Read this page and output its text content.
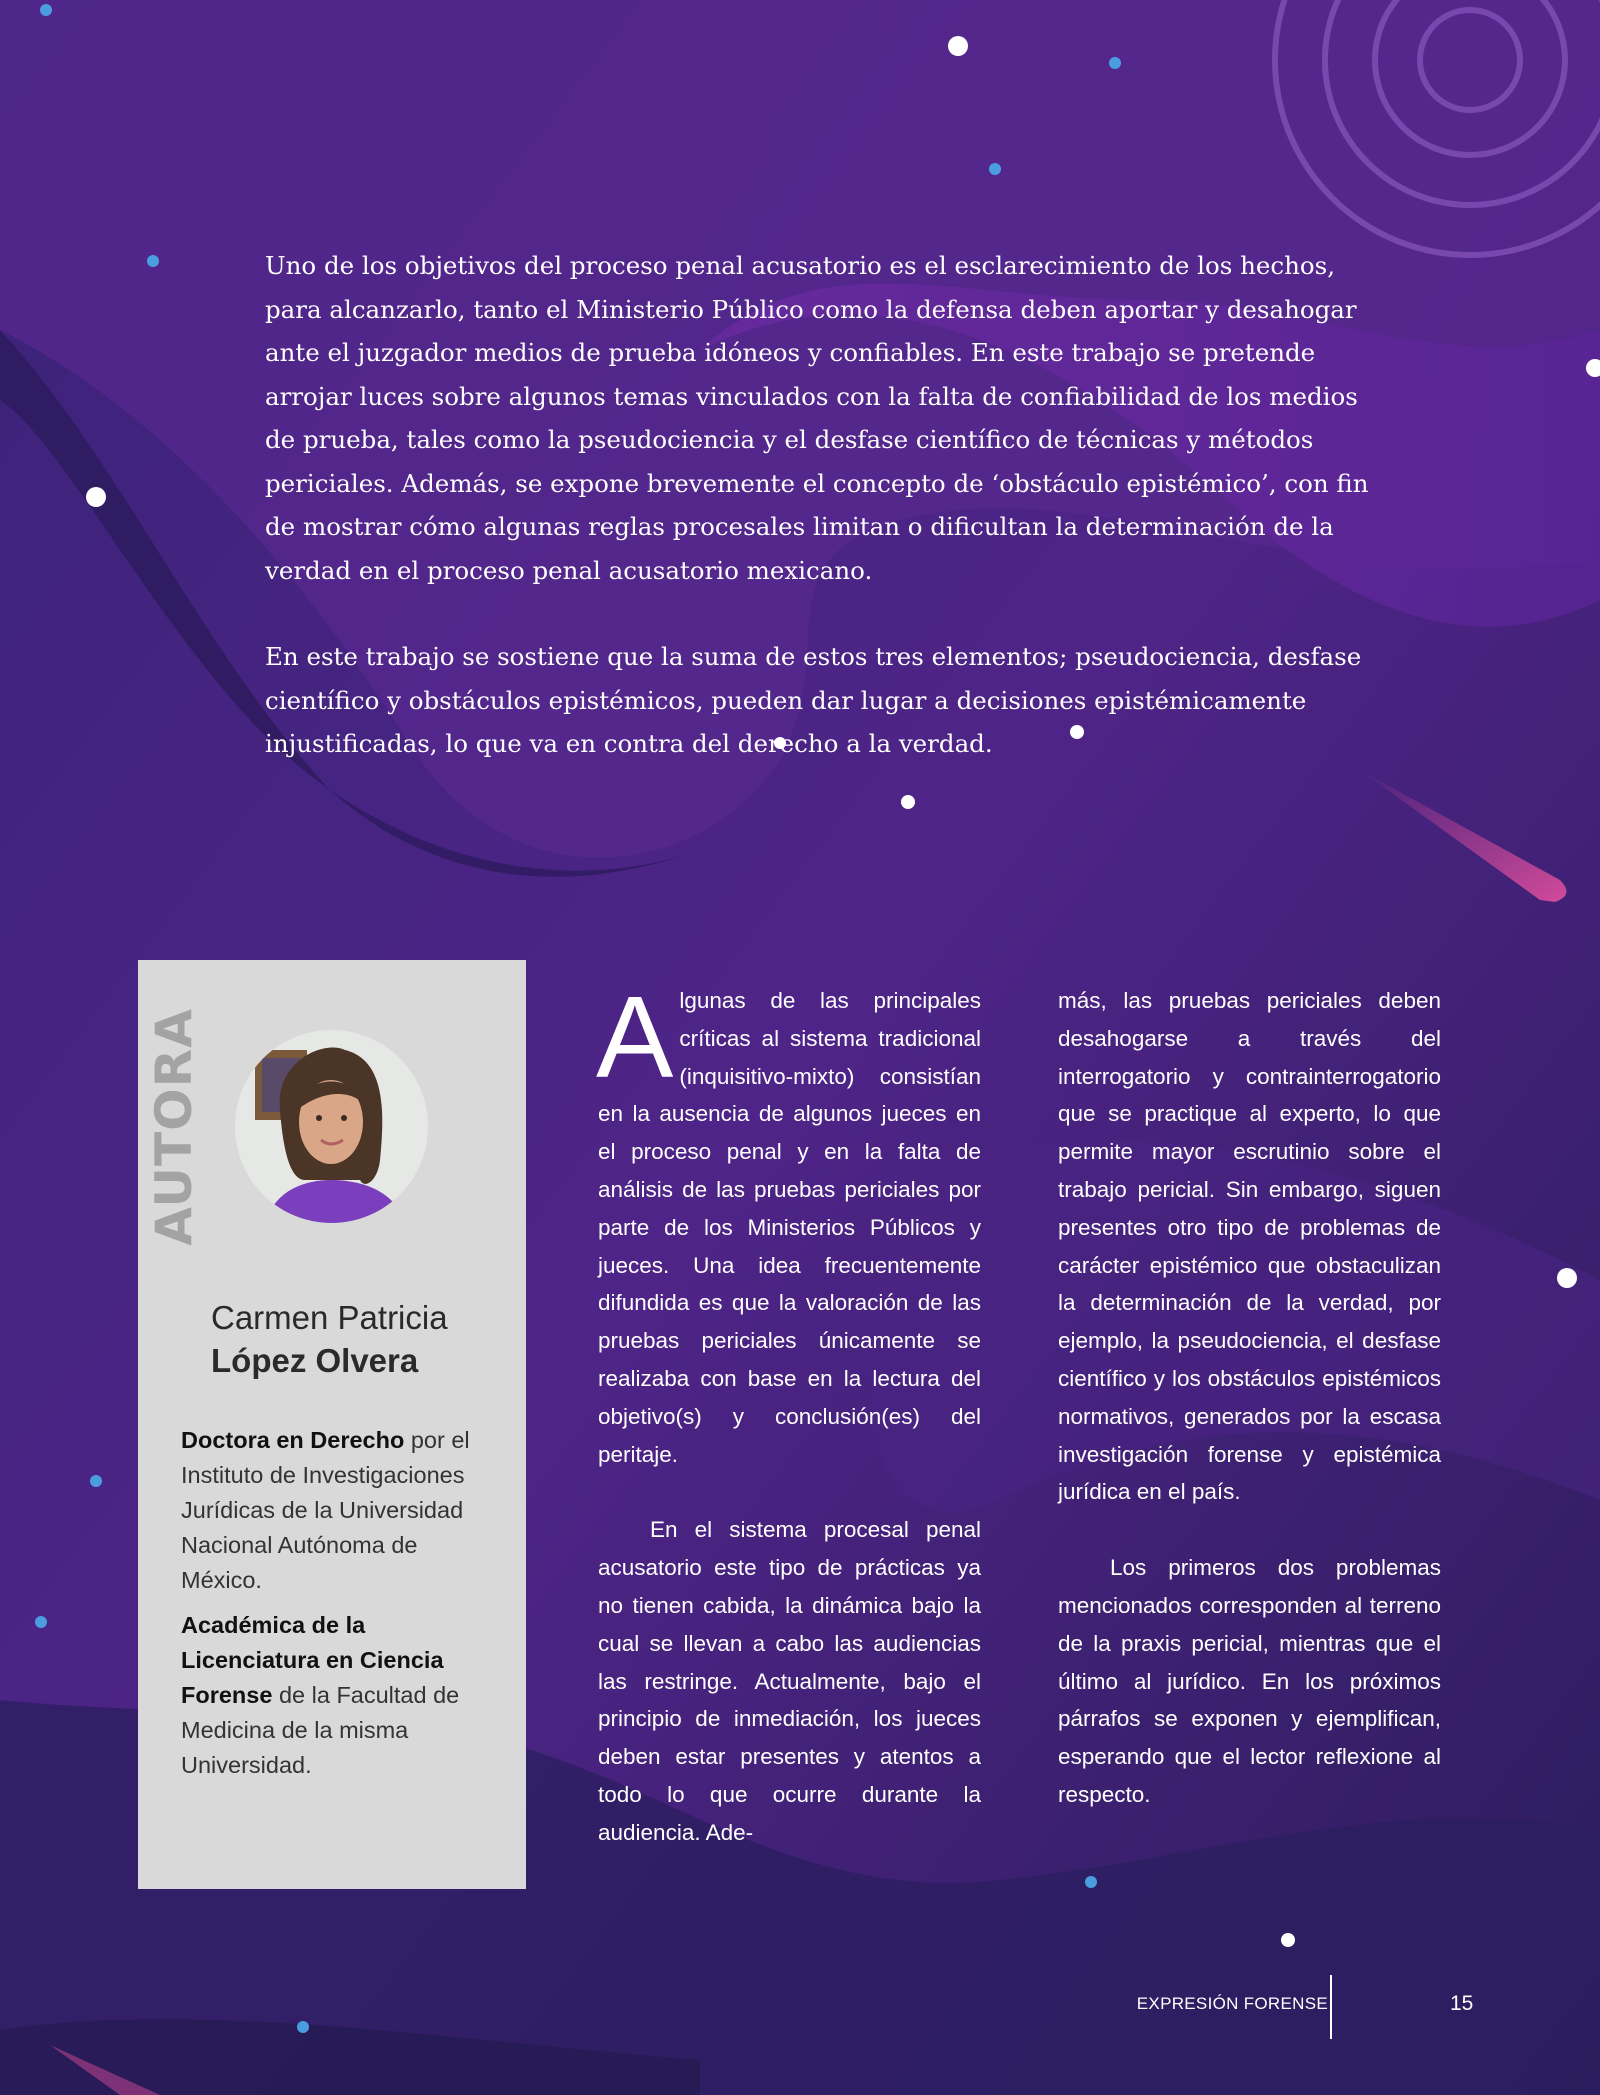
Uno de los objetivos del proceso penal acusatorio es el esclarecimiento de los hechos, para alcanzarlo, tanto el Ministerio Público como la defensa deben aportar y desahogar ante el juzgador medios de prueba idóneos y confiables. En este trabajo se pretende arrojar luces sobre algunos temas vinculados con la falta de confiabilidad de los medios de prueba, tales como la pseudociencia y el desfase científico de técnicas y métodos periciales. Además, se expone brevemente el concepto de ‘obstáculo epistémico’, con fin de mostrar cómo algunas reglas procesales limitan o dificultan la determinación de la verdad en el proceso penal acusatorio mexicano.

En este trabajo se sostiene que la suma de estos tres elementos; pseudociencia, desfase científico y obstáculos epistémicos, pueden dar lugar a decisiones epistémicamente injustificadas, lo que va en contra del derecho a la verdad.

AUTORA
Carmen Patricia
López Olvera

Doctora en Derecho por el Instituto de Investigaciones Jurídicas de la Universidad Nacional Autónoma de México.

Académica de la Licenciatura en Ciencia Forense de la Facultad de Medicina de la misma Universidad.

Algunas de las principales críticas al sistema tradicional (inquisitivo-mixto) consistían en la ausencia de algunos jueces en el proceso penal y en la falta de análisis de las pruebas periciales por parte de los Ministerios Públicos y jueces. Una idea frecuentemente difundida es que la valoración de las pruebas periciales únicamente se realizaba con base en la lectura del objetivo(s) y conclusión(es) del peritaje.

En el sistema procesal penal acusatorio este tipo de prácticas ya no tienen cabida, la dinámica bajo la cual se llevan a cabo las audiencias las restringe. Actualmente, bajo el principio de inmediación, los jueces deben estar presentes y atentos a todo lo que ocurre durante la audiencia. Ade-

más, las pruebas periciales deben desahogarse a través del interrogatorio y contrainterrogatorio que se practique al experto, lo que permite mayor escrutinio sobre el trabajo pericial. Sin embargo, siguen presentes otro tipo de problemas de carácter epistémico que obstaculizan la determinación de la verdad, por ejemplo, la pseudociencia, el desfase científico y los obstáculos epistémicos normativos, generados por la escasa investigación forense y epistémica jurídica en el país.

Los primeros dos problemas mencionados corresponden al terreno de la praxis pericial, mientras que el último al jurídico. En los próximos párrafos se exponen y ejemplifican, esperando que el lector reflexione al respecto.

EXPRESIÓN FORENSE	15
